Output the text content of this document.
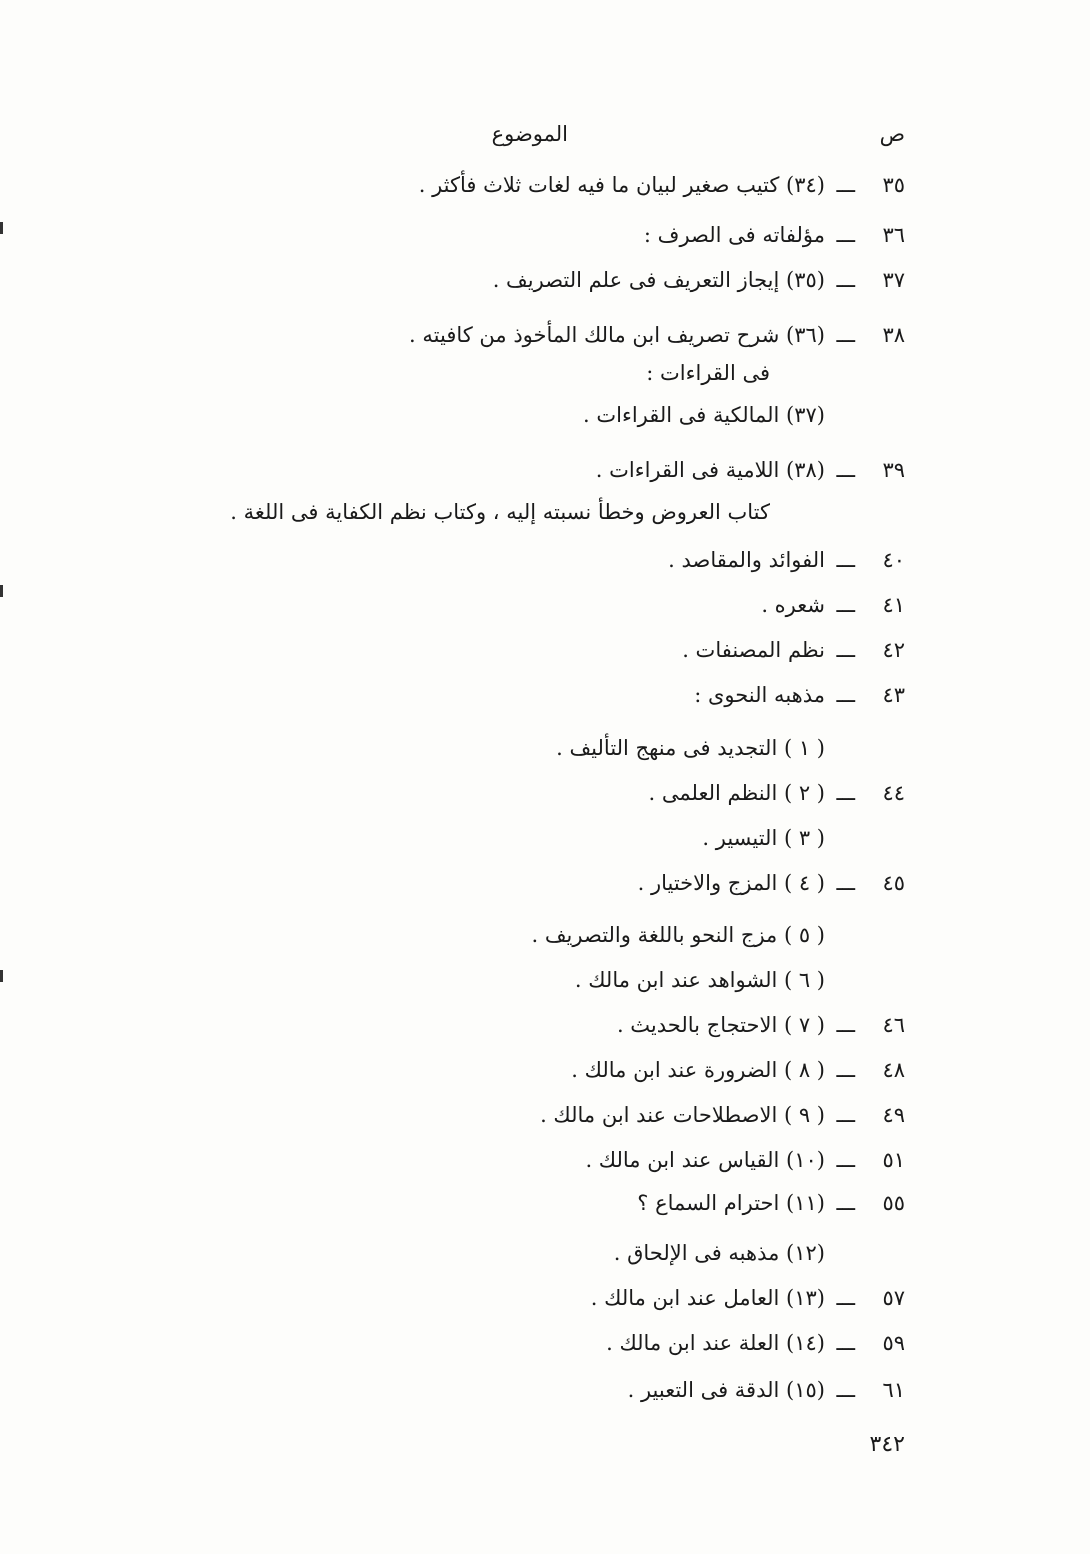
ص
الموضوع
٣٥
ـــ
(٣٤) كتيب صغير لبيان ما فيه لغات ثلاث فأكثر .
٣٦
ـــ
مؤلفاته فى الصرف :
٣٧
ـــ
(٣٥) إيجاز التعريف فى علم التصريف .
٣٨
ـــ
(٣٦) شرح تصريف ابن مالك المأخوذ من كافيته .
فى القراءات :
(٣٧) المالكية فى القراءات .
٣٩
ـــ
(٣٨) اللامية فى القراءات .
كتاب العروض وخطأ نسبته إليه ، وكتاب نظم الكفاية فى اللغة .
٤٠
ـــ
الفوائد والمقاصد .
٤١
ـــ
شعره .
٤٢
ـــ
نظم المصنفات .
٤٣
ـــ
مذهبه النحوى :
( ١ ) التجديد فى منهج التأليف .
٤٤
ـــ
( ٢ ) النظم العلمى .
( ٣ ) التيسير .
٤٥
ـــ
( ٤ ) المزج والاختيار .
( ٥ ) مزج النحو باللغة والتصريف .
( ٦ ) الشواهد عند ابن مالك .
٤٦
ـــ
( ٧ ) الاحتجاج بالحديث .
٤٨
ـــ
( ٨ ) الضرورة عند ابن مالك .
٤٩
ـــ
( ٩ ) الاصطلاحات عند ابن مالك .
٥١
ـــ
(١٠) القياس عند ابن مالك .
٥٥
ـــ
(١١) احترام السماع ؟
(١٢) مذهبه فى الإلحاق .
٥٧
ـــ
(١٣) العامل عند ابن مالك .
٥٩
ـــ
(١٤) العلة عند ابن مالك .
٦١
ـــ
(١٥) الدقة فى التعبير .
٣٤٢
